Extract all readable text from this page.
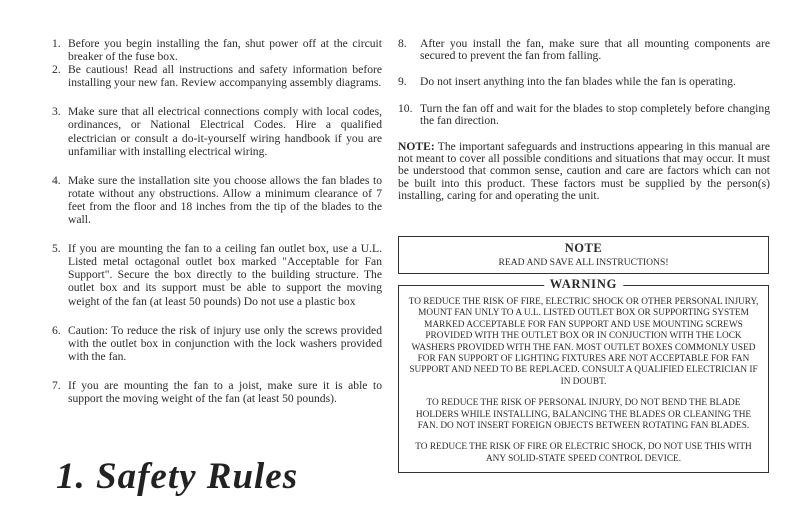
1. Before you begin installing the fan, shut power off at the circuit breaker of the fuse box.
2. Be cautious! Read all instructions and safety information before installing your new fan. Review accompanying assembly diagrams.
3. Make sure that all electrical connections comply with local codes, ordinances, or National Electrical Codes. Hire a qualified electrician or consult a do-it-yourself wiring handbook if you are unfamiliar with installing electrical wiring.
4. Make sure the installation site you choose allows the fan blades to rotate without any obstructions. Allow a minimum clearance of 7 feet from the floor and 18 inches from the tip of the blades to the wall.
5. If you are mounting the fan to a ceiling fan outlet box, use a U.L. Listed metal octagonal outlet box marked "Acceptable for Fan Support". Secure the box directly to the building structure. The outlet box and its support must be able to support the moving weight of the fan (at least 50 pounds) Do not use a plastic box
6. Caution: To reduce the risk of injury use only the screws provided with the outlet box in conjunction with the lock washers provided with the fan.
7. If you are mounting the fan to a joist, make sure it is able to support the moving weight of the fan (at least 50 pounds).
8. After you install the fan, make sure that all mounting components are secured to prevent the fan from falling.
9. Do not insert anything into the fan blades while the fan is operating.
10. Turn the fan off and wait for the blades to stop completely before changing the fan direction.
NOTE: The important safeguards and instructions appearing in this manual are not meant to cover all possible conditions and situations that may occur. It must be understood that common sense, caution and care are factors which can not be built into this product. These factors must be supplied by the person(s) installing, caring for and operating the unit.
NOTE
READ AND SAVE ALL INSTRUCTIONS!
WARNING

TO REDUCE THE RISK OF FIRE, ELECTRIC SHOCK OR OTHER PERSONAL INJURY, MOUNT FAN UNLY TO A U.L. LISTED OUTLET BOX OR SUPPORTING SYSTEM MARKED ACCEPTABLE FOR FAN SUPPORT AND USE MOUNTING SCREWS PROVIDED WITH THE OUTLET BOX OR IN CONJUCTION WITH THE LOCK WASHERS PROVIDED WITH THE FAN. MOST OUTLET BOXES COMMONLY USED FOR FAN SUPPORT OF LIGHTING FIXTURES ARE NOT ACCEPTABLE FOR FAN SUPPORT AND NEED TO BE REPLACED. CONSULT A QUALIFIED ELECTRICIAN IF IN DOUBT.

TO REDUCE THE RISK OF PERSONAL INJURY, DO NOT BEND THE BLADE HOLDERS WHILE INSTALLING, BALANCING THE BLADES OR CLEANING THE FAN. DO NOT INSERT FOREIGN OBJECTS BETWEEN ROTATING FAN BLADES.

TO REDUCE THE RISK OF FIRE OR ELECTRIC SHOCK, DO NOT USE THIS WITH ANY SOLID-STATE SPEED CONTROL DEVICE.

1. Safety Rules
